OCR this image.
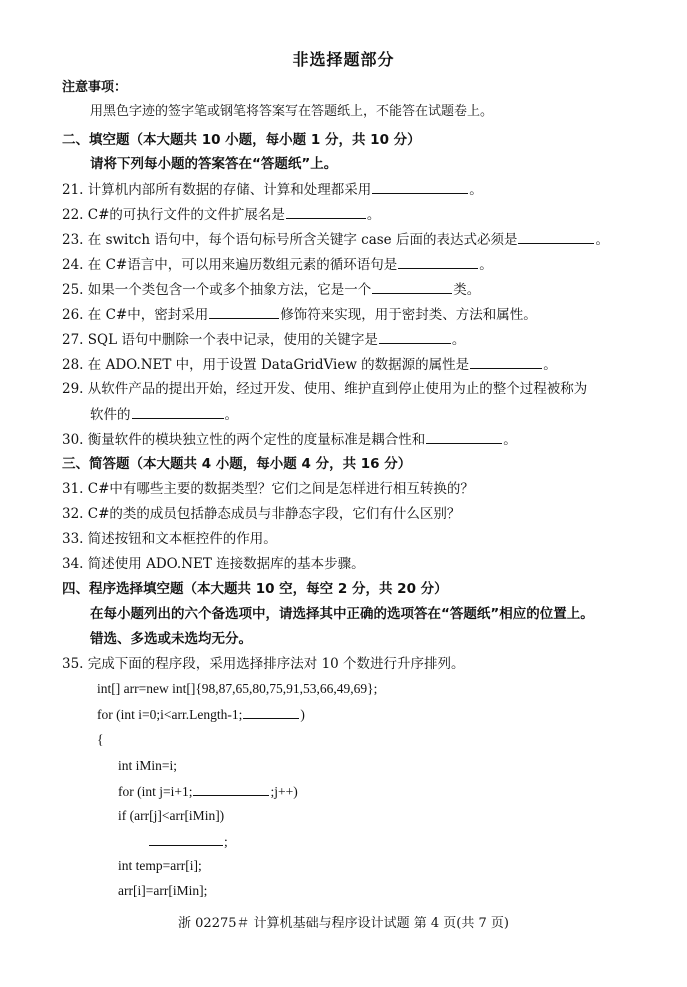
非选择题部分
注意事项：
用黑色字迹的签字笔或钢笔将答案写在答题纸上，不能答在试题卷上。
二、填空题（本大题共 10 小题，每小题 1 分，共 10 分）
请将下列每小题的答案答在“答题纸”上。
21. 计算机内部所有数据的存储、计算和处理都采用	。
22. C#的可执行文件的文件扩展名是	。
23. 在 switch 语句中，每个语句标号所含关键字 case 后面的表达式必须是	。
24. 在 C#语言中，可以用来遍历数组元素的循环语句是	。
25. 如果一个类包含一个或多个抽象方法，它是一个	类。
26. 在 C#中，密封采用	修饰符来实现，用于密封类、方法和属性。
27. SQL 语句中删除一个表中记录，使用的关键字是	。
28. 在 ADO.NET 中，用于设置 DataGridView 的数据源的属性是	。
29. 从软件产品的提出开始，经过开发、使用、维护直到停止使用为止的整个过程被称为
软件的	。
30. 衡量软件的模块独立性的两个定性的度量标准是耦合性和	。
三、简答题（本大题共 4 小题，每小题 4 分，共 16 分）
31. C#中有哪些主要的数据类型？它们之间是怎样进行相互转换的？
32. C#的类的成员包括静态成员与非静态字段，它们有什么区别？
33. 简述按钮和文本框控件的作用。
34. 简述使用 ADO.NET 连接数据库的基本步骤。
四、程序选择填空题（本大题共 10 空，每空 2 分，共 20 分）
在每小题列出的六个备选项中，请选择其中正确的选项答在“答题纸”相应的位置上。
错选、多选或未选均无分。
35. 完成下面的程序段，采用选择排序法对 10 个数进行升序排列。
int[] arr=new int[]{98,87,65,80,75,91,53,66,49,69};
for (int i=0;i<arr.Length-1;	)
{
int iMin=i;
for (int j=i+1;	;j++)
if (arr[j]<arr[iMin])
;
int temp=arr[i];
arr[i]=arr[iMin];
浙 02275＃ 计算机基础与程序设计试题 第 4 页(共 7 页)
